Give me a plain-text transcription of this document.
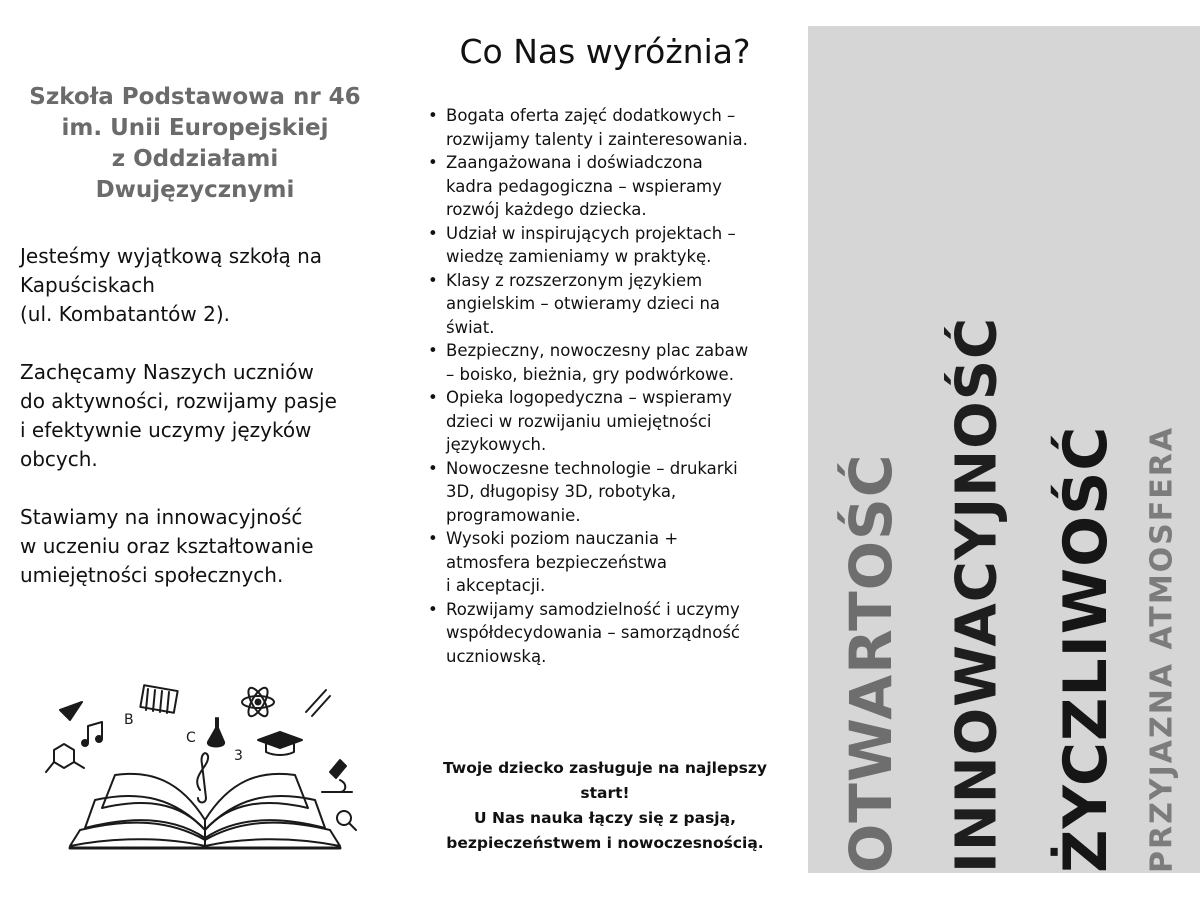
Szkoła Podstawowa nr 46
im. Unii Europejskiej
z Oddziałami
Dwujęzycznymi

Jesteśmy wyjątkową szkołą na
Kapuściskach
(ul. Kombatantów 2).

Zachęcamy Naszych uczniów
do aktywności, rozwijamy pasje
i efektywnie uczymy języków
obcych.

Stawiamy na innowacyjność
w uczeniu oraz kształtowanie
umiejętności społecznych.

B
C
3
Co Nas wyróżnia?
• Bogata oferta zajęć dodatkowych –
rozwijamy talenty i zainteresowania.
• Zaangażowana i doświadczona
kadra pedagogiczna – wspieramy
rozwój każdego dziecka.
• Udział w inspirujących projektach –
wiedzę zamieniamy w praktykę.
• Klasy z rozszerzonym językiem
angielskim – otwieramy dzieci na
świat.
• Bezpieczny, nowoczesny plac zabaw
– boisko, bieżnia, gry podwórkowe.
• Opieka logopedyczna – wspieramy
dzieci w rozwijaniu umiejętności
językowych.
• Nowoczesne technologie – drukarki
3D, długopisy 3D, robotyka,
programowanie.
• Wysoki poziom nauczania +
atmosfera bezpieczeństwa
i akceptacji.
• Rozwijamy samodzielność i uczymy
współdecydowania – samorządność
uczniowską.
Twoje dziecko zasługuje na najlepszy
start!
U Nas nauka łączy się z pasją,
bezpieczeństwem i nowoczesnością.	OTWARTOŚĆ INNOWACYJNOŚĆ ŻYCZLIWOŚĆ PRZYJAZNA ATMOSFERA
